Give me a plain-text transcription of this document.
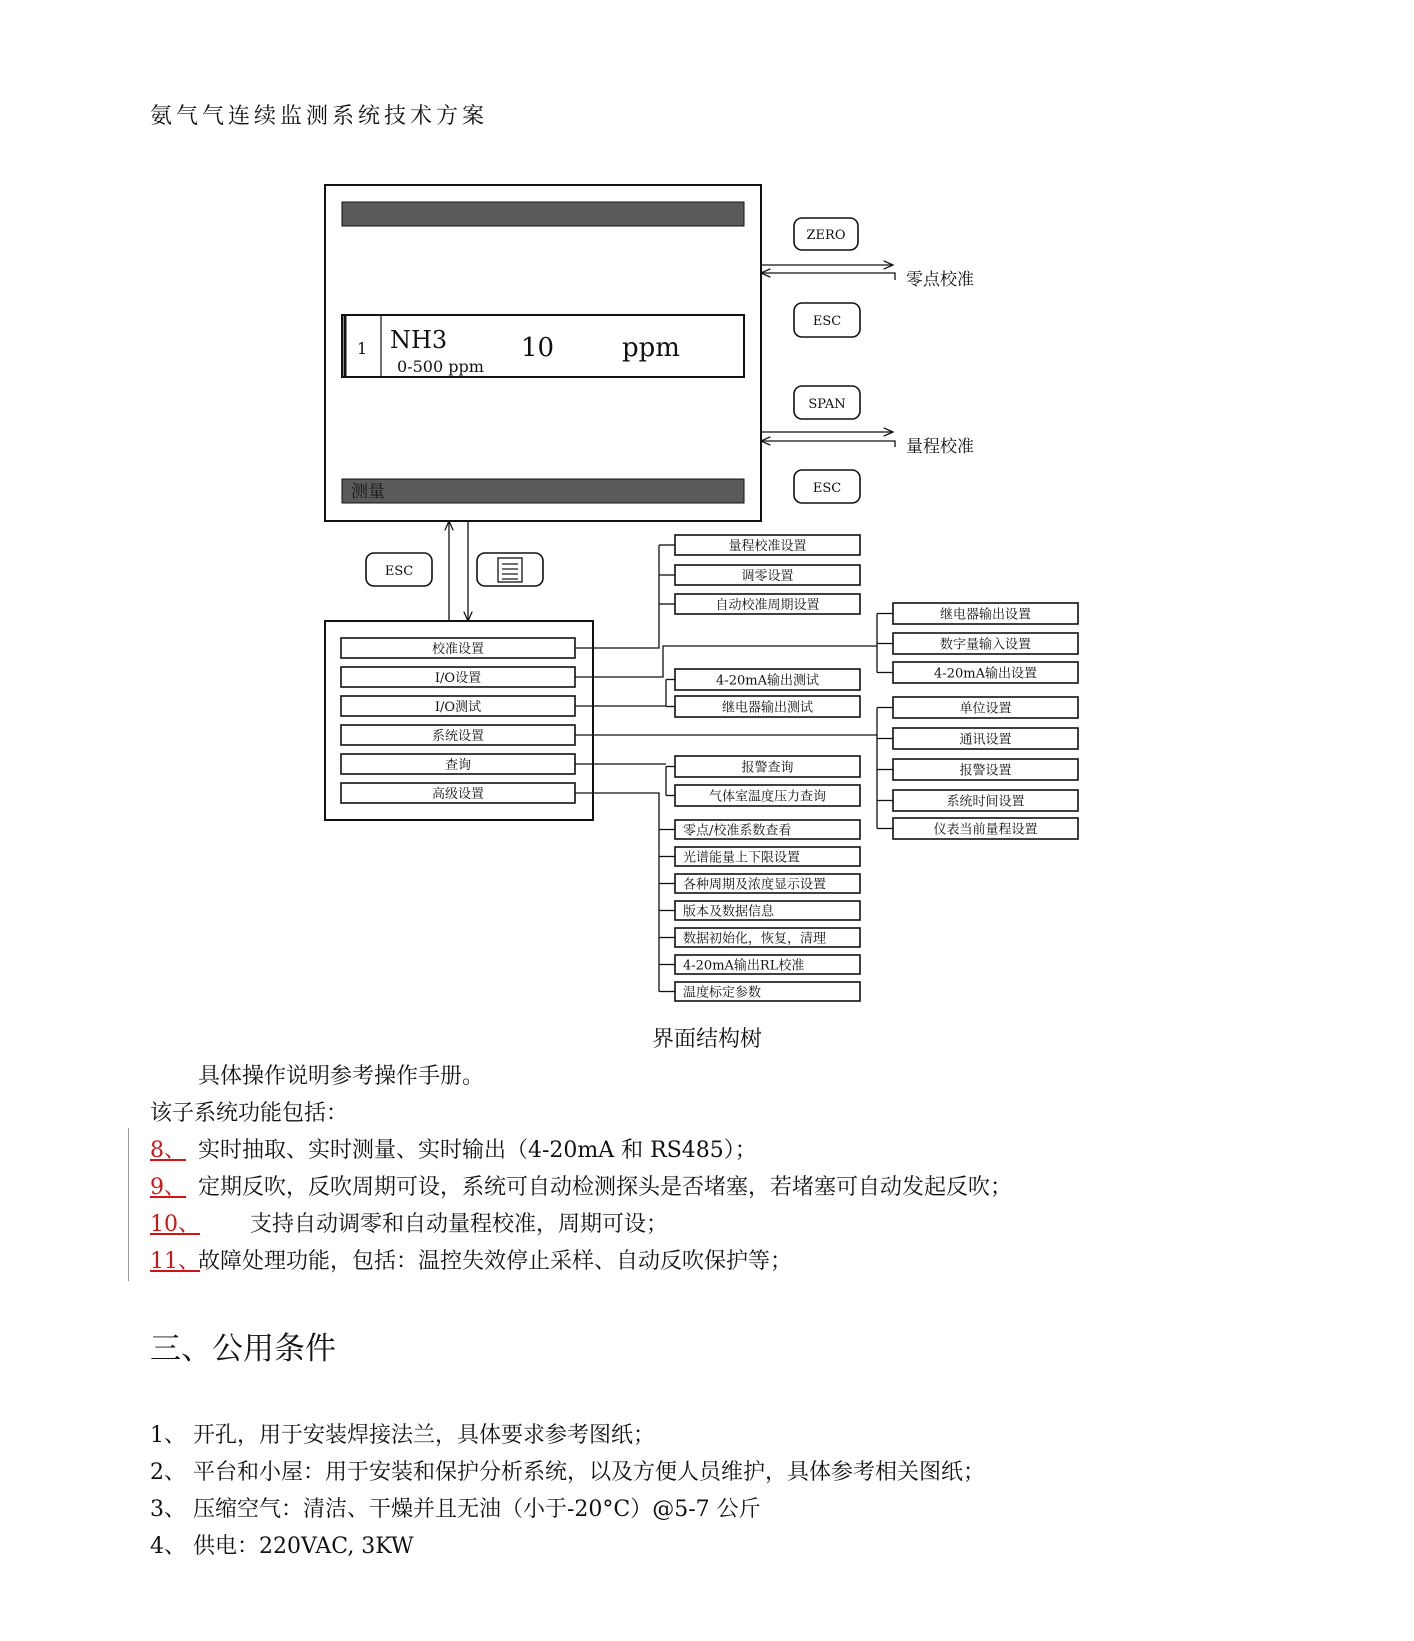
氨气气连续监测系统技术方案
1 NH3
0-500 ppm
10	ppm
测量
ZERO
ESC
SPAN
ESC
零点校准
量程校准
ESC
校准设置
I/O设置
I/O测试
系统设置
查询
高级设置
量程校准设置
调零设置
自动校准周期设置
4-20mA输出测试
继电器输出测试
报警查询
气体室温度压力查询
零点/校准系数查看
光谱能量上下限设置
各种周期及浓度显示设置
版本及数据信息
数据初始化，恢复，清理
4-20mA输出RL校准
温度标定参数
继电器输出设置
数字量输入设置
4-20mA输出设置
单位设置
通讯设置
报警设置
系统时间设置
仪表当前量程设置
界面结构树
具体操作说明参考操作手册。
该子系统功能包括：
8、 实时抽取、实时测量、实时输出（4-20mA 和 RS485）；
9、 定期反吹，反吹周期可设，系统可自动检测探头是否堵塞，若堵塞可自动发起反吹；
10、 支持自动调零和自动量程校准，周期可设；
11、故障处理功能，包括：温控失效停止采样、自动反吹保护等；
三、公用条件
1、 开孔，用于安装焊接法兰，具体要求参考图纸；
2、 平台和小屋：用于安装和保护分析系统，以及方便人员维护，具体参考相关图纸；
3、 压缩空气：清洁、干燥并且无油（小于-20°C）@5-7 公斤
4、 供电：220VAC, 3KW
